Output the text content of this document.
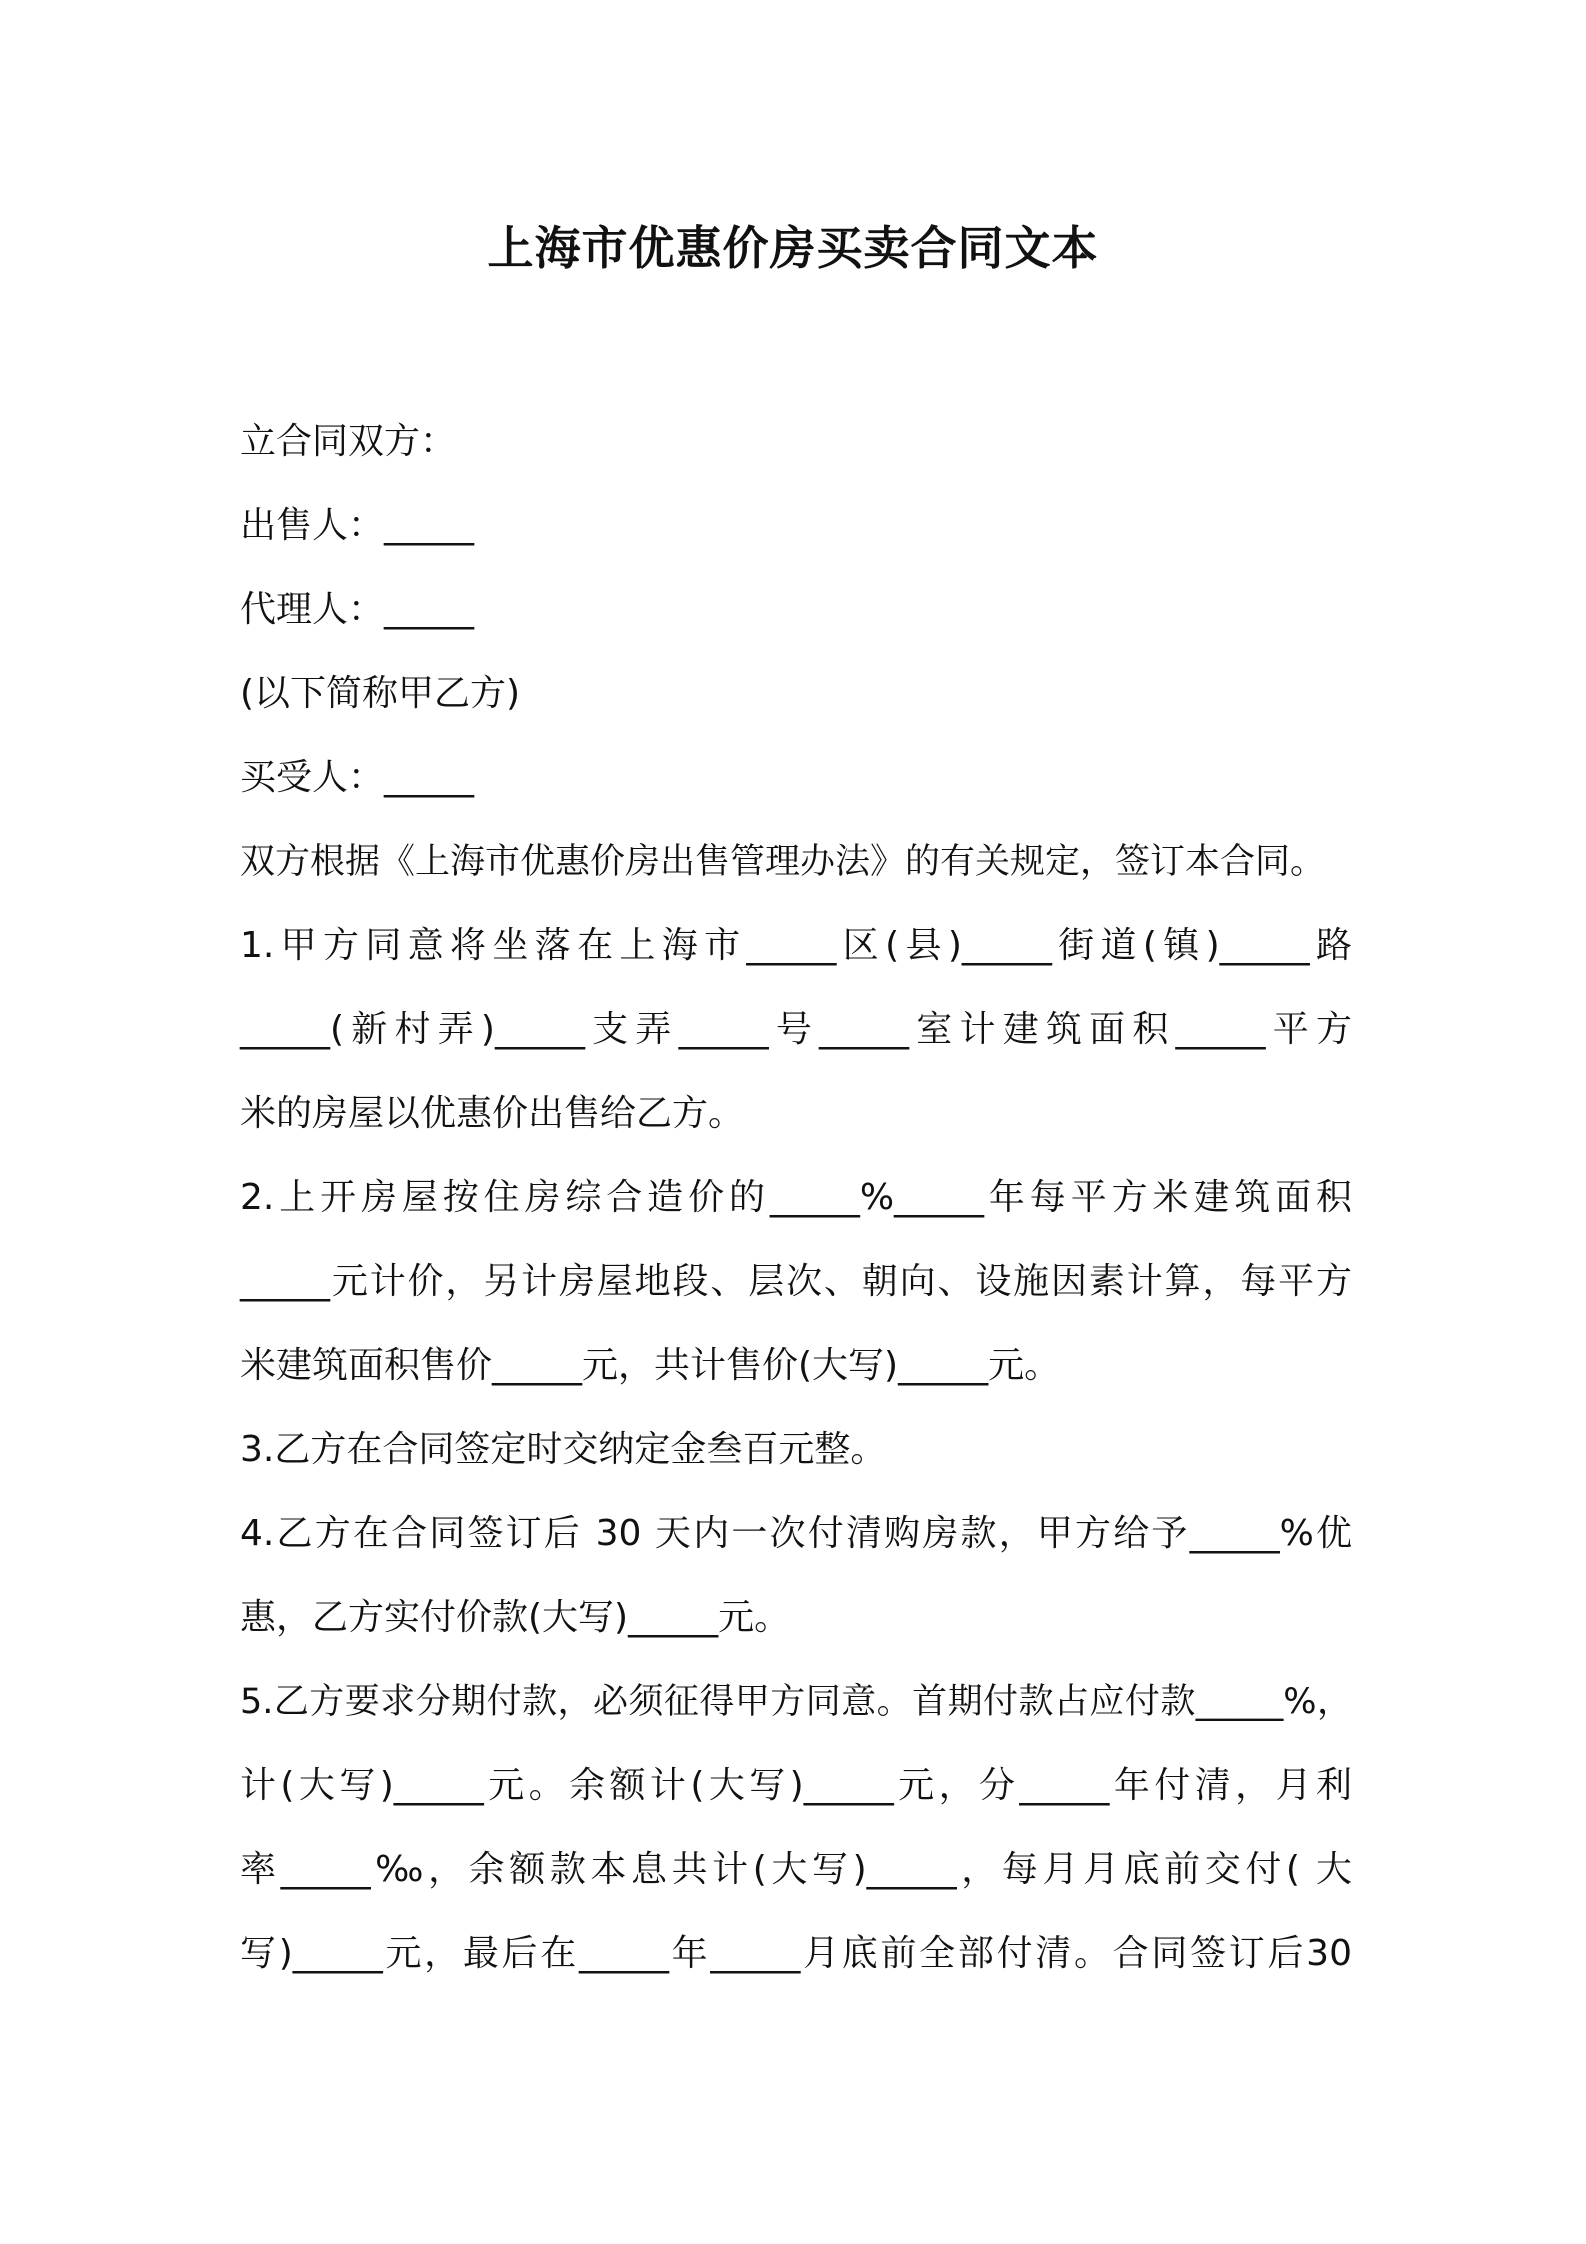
上海市优惠价房买卖合同文本

立合同双方：

出售人：_____

代理人：_____

(以下简称甲乙方)

买受人：_____

双方根据《上海市优惠价房出售管理办法》的有关规定，签订本合同。

1.甲方同意将坐落在上海市_____区(县)_____街道(镇)_____路

_____(新村弄)_____支弄_____号_____室计建筑面积_____平方

米的房屋以优惠价出售给乙方。

2.上开房屋按住房综合造价的_____%_____年每平方米建筑面积

_____元计价，另计房屋地段、层次、朝向、设施因素计算，每平方

米建筑面积售价_____元，共计售价(大写)_____元。

3.乙方在合同签定时交纳定金叁百元整。

4.乙方在合同签订后 30 天内一次付清购房款，甲方给予_____%优

惠，乙方实付价款(大写)_____元。

5.乙方要求分期付款，必须征得甲方同意。首期付款占应付款_____%，

计(大写)_____元。余额计(大写)_____元，分_____年付清，月利

率_____‰，余额款本息共计(大写)_____，每月月底前交付( 大

写)_____元，最后在_____年_____月底前全部付清。合同签订后30
